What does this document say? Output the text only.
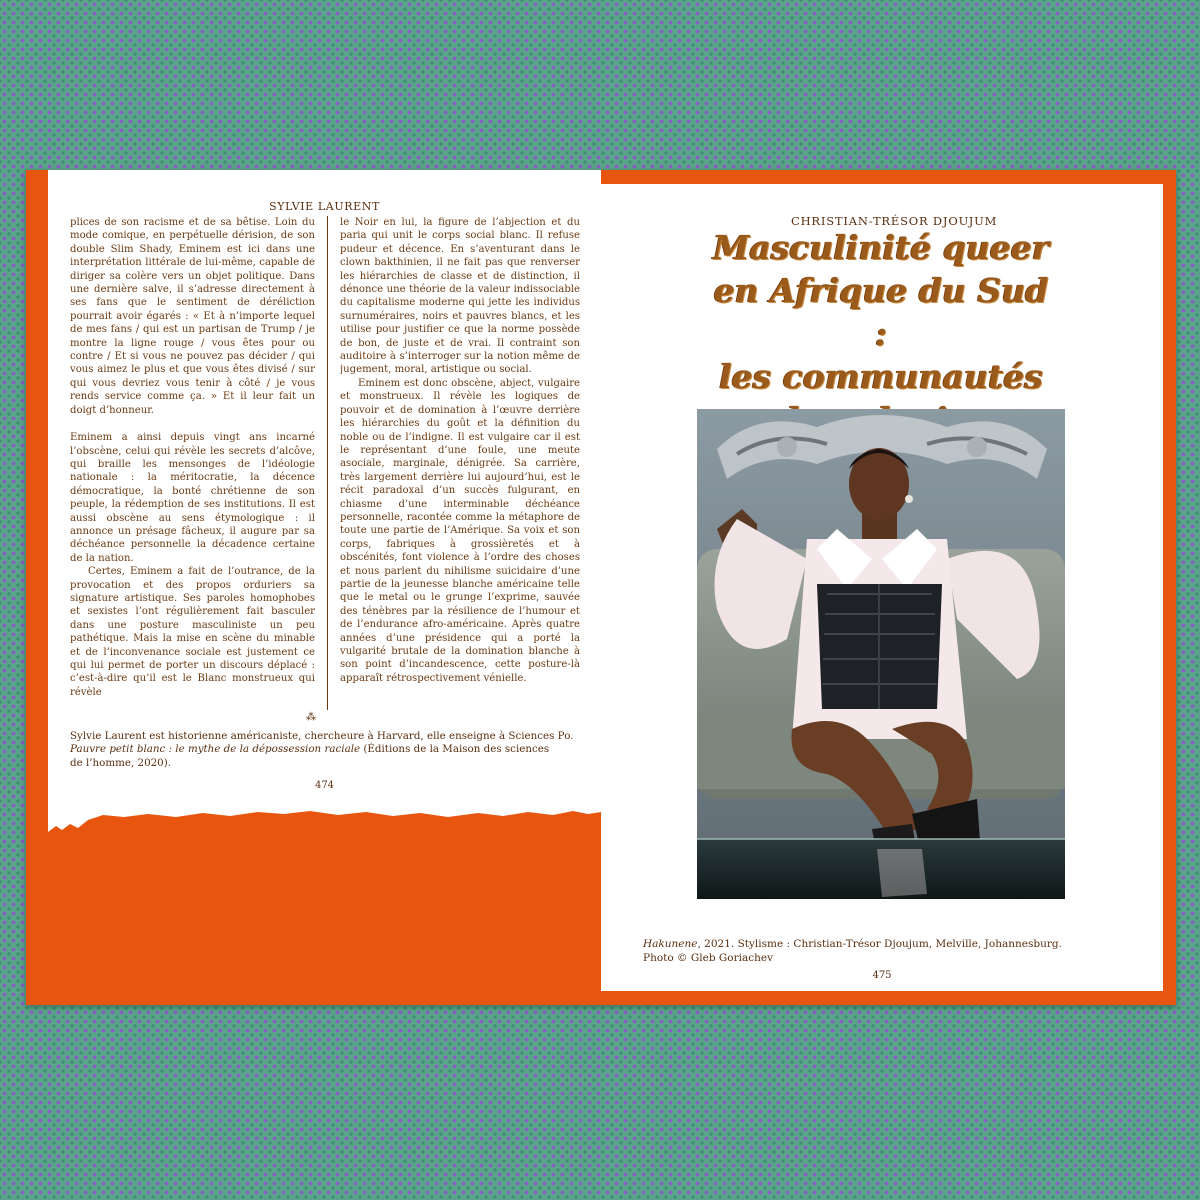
SYLVIE LAURENT

plices de son racisme et de sa bêtise. Loin du mode comique, en perpétuelle dérision, de son double Slim Shady, Eminem est ici dans une interprétation littérale de lui-même, capable de diriger sa colère vers un objet politique. Dans une dernière salve, il s’adresse directement à ses fans que le sentiment de déréliction pourrait avoir égarés : « Et à n’importe lequel de mes fans / qui est un partisan de Trump / je montre la ligne rouge / vous êtes pour ou contre / Et si vous ne pouvez pas décider / qui vous aimez le plus et que vous êtes divisé / sur qui vous devriez vous tenir à côté / je vous rends service comme ça. » Et il leur fait un doigt d’honneur.

Eminem a ainsi depuis vingt ans incarné l’obscène, celui qui révèle les secrets d’alcôve, qui braille les mensonges de l’idéologie nationale : la méritocratie, la décence démocratique, la bonté chrétienne de son peuple, la rédemption de ses institutions. Il est aussi obscène au sens étymologique : il annonce un présage fâcheux, il augure par sa déchéance personnelle la décadence certaine de la nation.

Certes, Eminem a fait de l’outrance, de la provocation et des propos orduriers sa signature artistique. Ses paroles homophobes et sexistes l’ont régulièrement fait basculer dans une posture masculiniste un peu pathétique. Mais la mise en scène du minable et de l’inconvenance sociale est justement ce qui lui permet de porter un discours déplacé : c’est-à-dire qu’il est le Blanc monstrueux qui révèle

le Noir en lui, la figure de l’abjection et du paria qui unit le corps social blanc. Il refuse pudeur et décence. En s’aventurant dans le clown bakthinien, il ne fait pas que renverser les hiérarchies de classe et de distinction, il dénonce une théorie de la valeur indissociable du capitalisme moderne qui jette les individus surnuméraires, noirs et pauvres blancs, et les utilise pour justifier ce que la norme possède de bon, de juste et de vrai. Il contraint son auditoire à s’interroger sur la notion même de jugement, moral, artistique ou social.

Eminem est donc obscène, abject, vulgaire et monstrueux. Il révèle les logiques de pouvoir et de domination à l’œuvre derrière les hiérarchies du goût et la définition du noble ou de l’indigne. Il est vulgaire car il est le représentant d’une foule, une meute asociale, marginale, dénigrée. Sa carrière, très largement derrière lui aujourd’hui, est le récit paradoxal d’un succès fulgurant, en chiasme d’une interminable déchéance personnelle, racontée comme la métaphore de toute une partie de l’Amérique. Sa voix et son corps, fabriques à grossièretés et à obscénités, font violence à l’ordre des choses et nous parlent du nihilisme suicidaire d’une partie de la jeunesse blanche américaine telle que le metal ou le grunge l’exprime, sauvée des ténèbres par la résilience de l’humour et de l’endurance afro-américaine. Après quatre années d’une présidence qui a porté la vulgarité brutale de la domination blanche à son point d’incandescence, cette posture-là apparaît rétrospectivement vénielle.

⁂
Sylvie Laurent est historienne américaniste, chercheure à Harvard, elle enseigne à Sciences Po.
Pauvre petit blanc : le mythe de la dépossession raciale (Éditions de la Maison des sciences
de l’homme, 2020).
474
CHRISTIAN-TRÉSOR DJOUJUM
Masculinité queer
en Afrique du Sud :
les communautés
Hakunene, 2021. Stylisme : Christian-Trésor Djoujum, Melville, Johannesburg.
Photo © Gleb Goriachev
475
